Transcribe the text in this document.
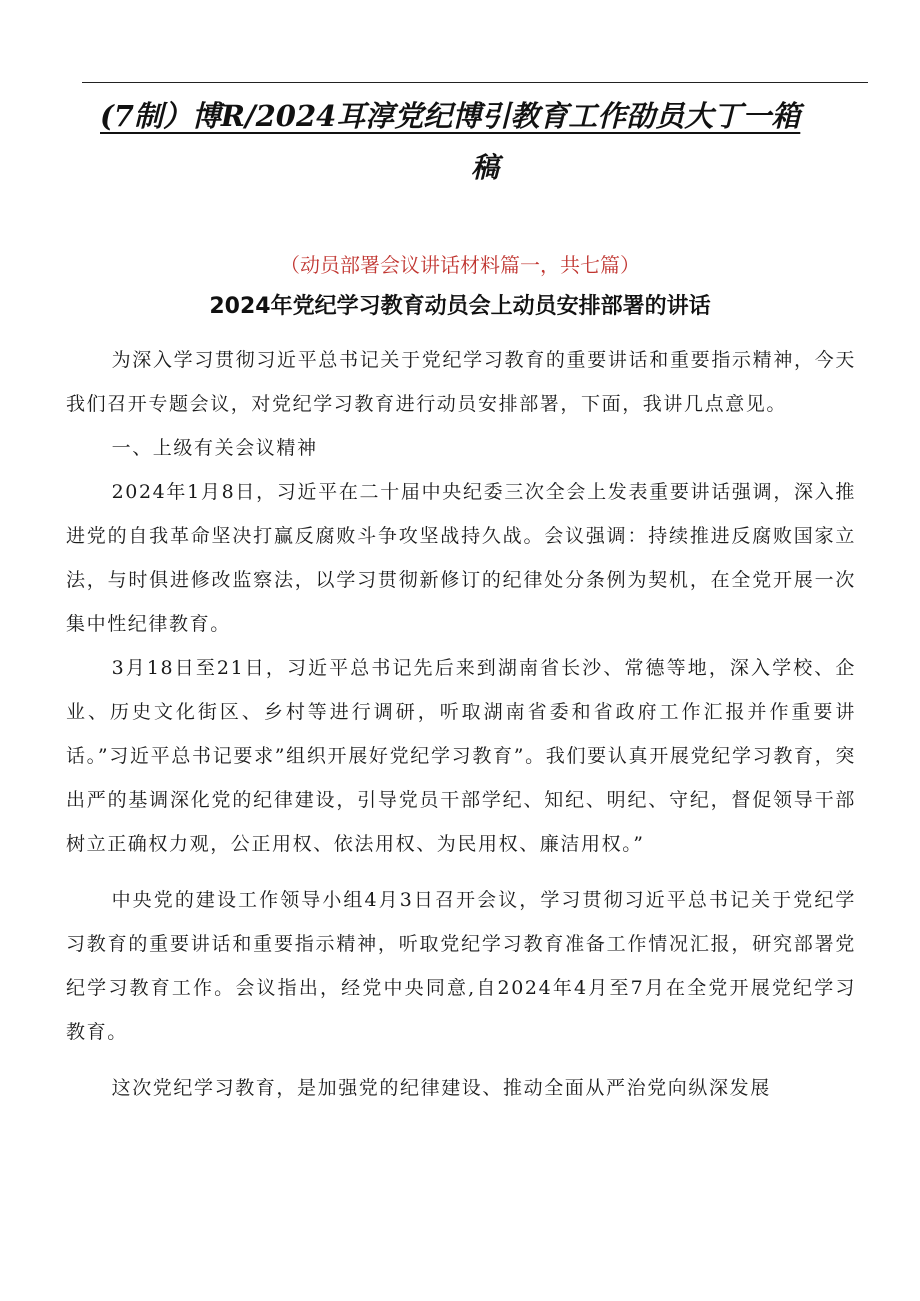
(7制）博R/2024耳淳党纪博引教育工作劭员大丁一箱
稿

（动员部署会议讲话材料篇一，共七篇）

2024年党纪学习教育动员会上动员安排部署的讲话

为深入学习贯彻习近平总书记关于党纪学习教育的重要讲话和重要指示精神，今天我们召开专题会议，对党纪学习教育进行动员安排部署，下面，我讲几点意见。

一、上级有关会议精神

2024年1月8日，习近平在二十届中央纪委三次全会上发表重要讲话强调，深入推进党的自我革命坚决打赢反腐败斗争攻坚战持久战。会议强调：持续推进反腐败国家立法，与时俱进修改监察法，以学习贯彻新修订的纪律处分条例为契机，在全党开展一次集中性纪律教育。

3月18日至21日，习近平总书记先后来到湖南省长沙、常德等地，深入学校、企业、历史文化街区、乡村等进行调研，听取湖南省委和省政府工作汇报并作重要讲话。”习近平总书记要求”组织开展好党纪学习教育”。我们要认真开展党纪学习教育，突出严的基调深化党的纪律建设，引导党员干部学纪、知纪、明纪、守纪，督促领导干部树立正确权力观，公正用权、依法用权、为民用权、廉洁用权。”

中央党的建设工作领导小组4月3日召开会议，学习贯彻习近平总书记关于党纪学习教育的重要讲话和重要指示精神，听取党纪学习教育准备工作情况汇报，研究部署党纪学习教育工作。会议指出，经党中央同意,自2024年4月至7月在全党开展党纪学习教育。

这次党纪学习教育，是加强党的纪律建设、推动全面从严治党向纵深发展
